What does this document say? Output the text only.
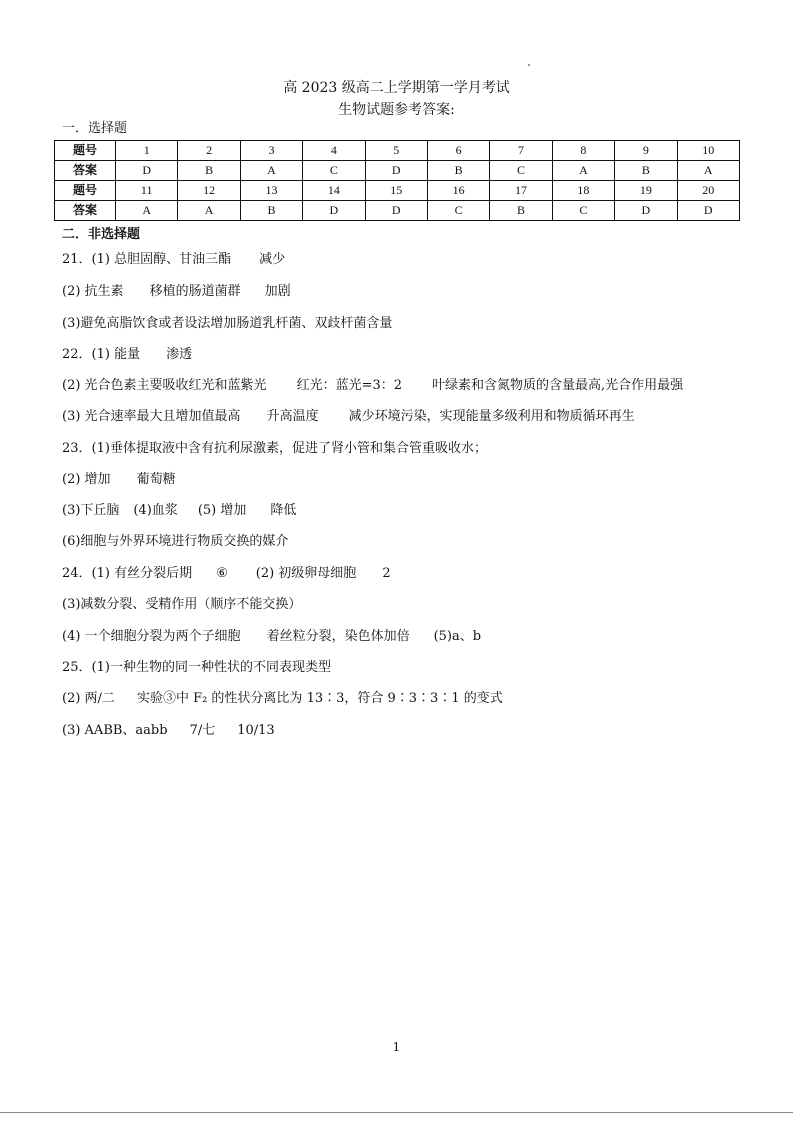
高 2023 级高二上学期第一学月考试
生物试题参考答案:
一．选择题
题号	1	2	3	4	5	6	7	8	9	10
答案	D	B	A	C	D	B	C	A	B	A
题号	11	12	13	14	15	16	17	18	19	20
答案	A	A	B	D	D	C	B	C	D	D
二．非选择题
21．(1) 总胆固醇、甘油三酯 减少
(2) 抗生素 移植的肠道菌群 加剧
(3)避免高脂饮食或者设法增加肠道乳杆菌、双歧杆菌含量
22．(1) 能量 渗透
(2) 光合色素主要吸收红光和蓝紫光 红光：蓝光=3：2 叶绿素和含氮物质的含量最高,光合作用最强
(3) 光合速率最大且增加值最高 升高温度 减少环境污染，实现能量多级利用和物质循环再生
23．(1)垂体提取液中含有抗利尿激素，促进了肾小管和集合管重吸收水；
(2) 增加 葡萄糖
(3)下丘脑 (4)血浆 (5) 增加 降低
(6)细胞与外界环境进行物质交换的媒介
24．(1) 有丝分裂后期 ⑥ (2) 初级卵母细胞 2
(3)减数分裂、受精作用（顺序不能交换）
(4) 一个细胞分裂为两个子细胞 着丝粒分裂，染色体加倍 (5)a、b
25．(1)一种生物的同一种性状的不同表现类型
(2) 两/二 实验③中 F₂ 的性状分离比为 13∶3，符合 9∶3∶3∶1 的变式
(3) AABB、aabb 7/七 10/13
1
